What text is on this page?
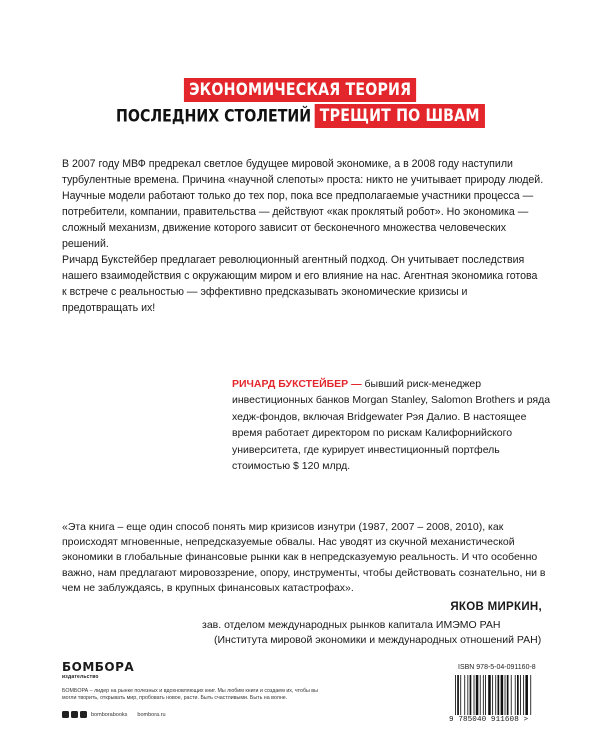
ЭКОНОМИЧЕСКАЯ ТЕОРИЯ
ПОСЛЕДНИХ СТОЛЕТИЙ ТРЕЩИТ ПО ШВАМ

В 2007 году МВФ предрекал светлое будущее мировой экономике, а в 2008 году наступили турбулентные времена. Причина «научной слепоты» проста: никто не учитывает природу людей. Научные модели работают только до тех пор, пока все предполагаемые участники процесса — потребители, компании, правительства — действуют «как проклятый робот». Но экономика — сложный механизм, движение которого зависит от бесконечного множества человеческих решений.

Ричард Букстейбер предлагает революционный агентный подход. Он учитывает последствия нашего взаимодействия с окружающим миром и его влияние на нас. Агентная экономика готова к встрече с реальностью — эффективно предсказывать экономические кризисы и предотвращать их!

РИЧАРД БУКСТЕЙБЕР — бывший риск-менеджер инвестиционных банков Morgan Stanley, Salomon Brothers и ряда хедж-фондов, включая Bridgewater Рэя Далио. В настоящее время работает директором по рискам Калифорнийского университета, где курирует инвестиционный портфель стоимостью $ 120 млрд.

«Эта книга – еще один способ понять мир кризисов изнутри (1987, 2007 – 2008, 2010), как происходят мгновенные, непредсказуемые обвалы. Нас уводят из скучной механистической экономики в глобальные финансовые рынки как в непредсказуемую реальность. И что особенно важно, нам предлагают мировоззрение, опору, инструменты, чтобы действовать сознательно, ни в чем не заблуждаясь, в крупных финансовых катастрофах».

ЯКОВ МИРКИН,

зав. отделом международных рынков капитала ИМЭМО РАН

(Института мировой экономики и международных отношений РАН)

БОМБОРА
издательство

БОМБОРА – лидер на рынке полезных и вдохновляющих книг. Мы любим книги и создаем их, чтобы вы могли творить, открывать мир, пробовать новое, расти. Быть счастливыми. Быть на волне.

bomborabooks bombora.ru

ISBN 978-5-04-091160-8

9 785040 911608 >
